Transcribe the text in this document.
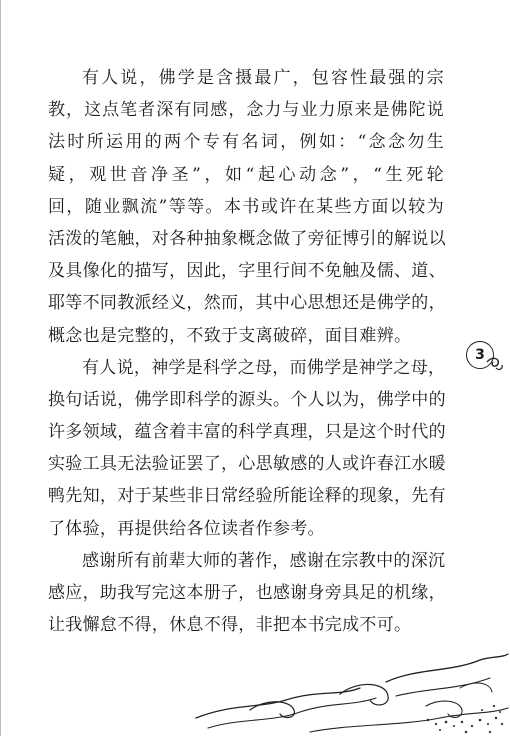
有人说，佛学是含摄最广，包容性最强的宗
教，这点笔者深有同感，念力与业力原来是佛陀说
法时所运用的两个专有名词，例如：“念念勿生
疑，观世音净圣”，如“起心动念”，“生死轮
回，随业飘流”等等。本书或许在某些方面以较为
活泼的笔触，对各种抽象概念做了旁征博引的解说以
及具像化的描写，因此，字里行间不免触及儒、道、
耶等不同教派经义，然而，其中心思想还是佛学的，
概念也是完整的，不致于支离破碎，面目难辨。
有人说，神学是科学之母，而佛学是神学之母，
换句话说，佛学即科学的源头。个人以为，佛学中的
许多领域，蕴含着丰富的科学真理，只是这个时代的
实验工具无法验证罢了，心思敏感的人或许春江水暖
鸭先知，对于某些非日常经验所能诠释的现象，先有
了体验，再提供给各位读者作参考。
感谢所有前辈大师的著作，感谢在宗教中的深沉
感应，助我写完这本册子，也感谢身旁具足的机缘，
让我懈怠不得，休息不得，非把本书完成不可。
3
